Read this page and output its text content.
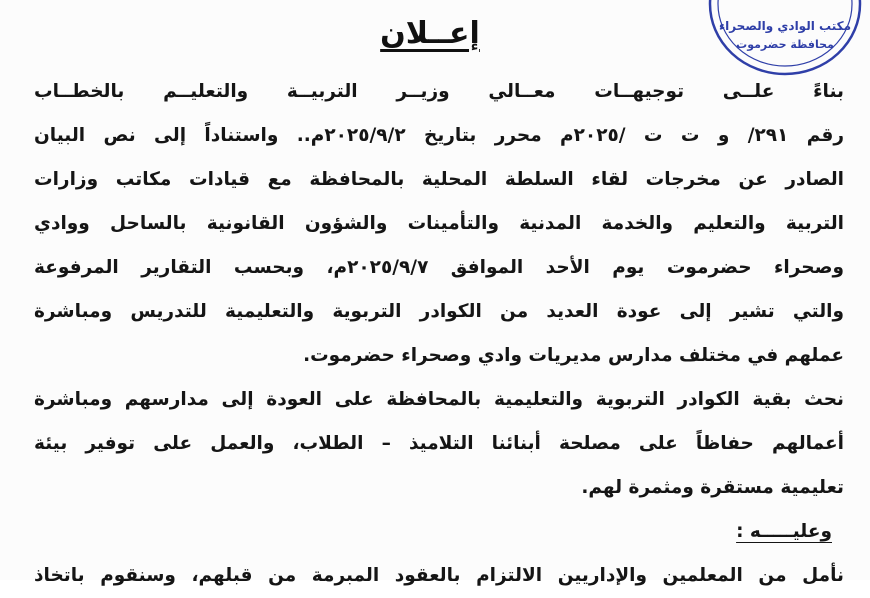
إعــلان
بناءً علــى توجيهــات معــالي وزيــر التربيــة والتعليــم بالخطــاب
رقم ٢٩١/ و ت ت /٢٠٢٥م محرر بتاريخ ٢٠٢٥/٩/٢م.. واستناداً إلى نص البيان
الصادر عن مخرجات لقاء السلطة المحلية بالمحافظة مع قيادات مكاتب وزارات
التربية والتعليم والخدمة المدنية والتأمينات والشؤون القانونية بالساحل ووادي
وصحراء حضرموت يوم الأحد الموافق ٢٠٢٥/٩/٧م، وبحسب التقارير المرفوعة
والتي تشير إلى عودة العديد من الكوادر التربوية والتعليمية للتدريس ومباشرة
عملهم في مختلف مدارس مديريات وادي وصحراء حضرموت.
نحث بقية الكوادر التربوية والتعليمية بالمحافظة على العودة إلى مدارسهم ومباشرة
أعمالهم حفاظاً على مصلحة أبنائنا التلاميذ – الطلاب، والعمل على توفير بيئة
تعليمية مستقرة ومثمرة لهم.
وعليـــــه :
نأمل من المعلمين والإداريين الالتزام بالعقود المبرمة من قبلهم، وسنقوم باتخاذ
مكتب الوادي والصحراء
محافظة حضرموت
